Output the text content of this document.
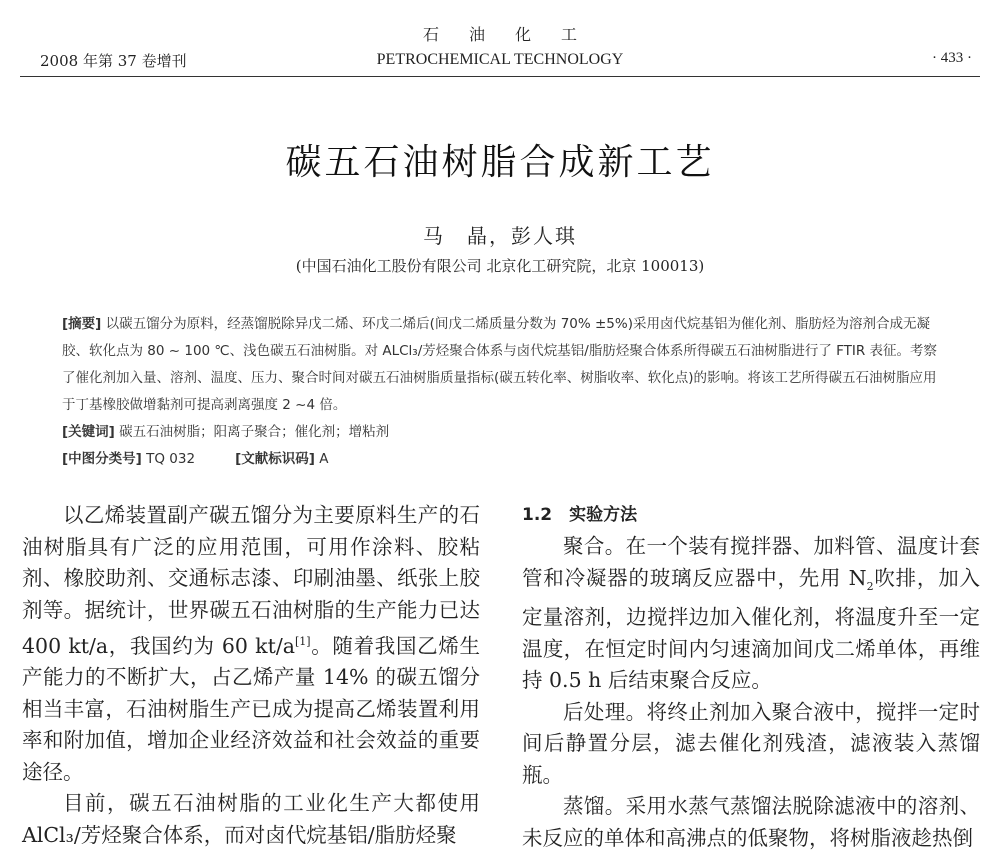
2008 年第 37 卷增刊
石油化工
PETROCHEMICAL TECHNOLOGY	· 433 ·
碳五石油树脂合成新工艺
马　晶，彭人琪
(中国石油化工股份有限公司 北京化工研究院，北京 100013)

[摘要] 以碳五馏分为原料，经蒸馏脱除异戊二烯、环戊二烯后(间戊二烯质量分数为 70% ±5%)采用卤代烷基铝为催化剂、脂肪烃为溶剂合成无凝胶、软化点为 80 ~ 100 ℃、浅色碳五石油树脂。对 ALCl₃/芳烃聚合体系与卤代烷基铝/脂肪烃聚合体系所得碳五石油树脂进行了 FTIR 表征。考察了催化剂加入量、溶剂、温度、压力、聚合时间对碳五石油树脂质量指标(碳五转化率、树脂收率、软化点)的影响。将该工艺所得碳五石油树脂应用于丁基橡胶做增黏剂可提高剥离强度 2 ~4 倍。

[关键词] 碳五石油树脂；阳离子聚合；催化剂；增粘剂

[中图分类号] TQ 032	[文献标识码] A

以乙烯装置副产碳五馏分为主要原料生产的石油树脂具有广泛的应用范围，可用作涂料、胶粘剂、橡胶助剂、交通标志漆、印刷油墨、纸张上胶剂等。据统计，世界碳五石油树脂的生产能力已达 400 kt/a，我国约为 60 kt/a[1]。随着我国乙烯生产能力的不断扩大，占乙烯产量 14% 的碳五馏分相当丰富，石油树脂生产已成为提高乙烯装置利用率和附加值，增加企业经济效益和社会效益的重要途径。

目前，碳五石油树脂的工业化生产大都使用 AlCl₃/芳烃聚合体系，而对卤代烷基铝/脂肪烃聚

1.2　实验方法

聚合。在一个装有搅拌器、加料管、温度计套管和冷凝器的玻璃反应器中，先用 $N_2$吹排，加入定量溶剂，边搅拌边加入催化剂，将温度升至一定温度，在恒定时间内匀速滴加间戊二烯单体，再维持 0.5 h 后结束聚合反应。

后处理。将终止剂加入聚合液中，搅拌一定时间后静置分层，滤去催化剂残渣，滤液装入蒸馏瓶。

蒸馏。采用水蒸气蒸馏法脱除滤液中的溶剂、未反应的单体和高沸点的低聚物，将树脂液趁热倒
